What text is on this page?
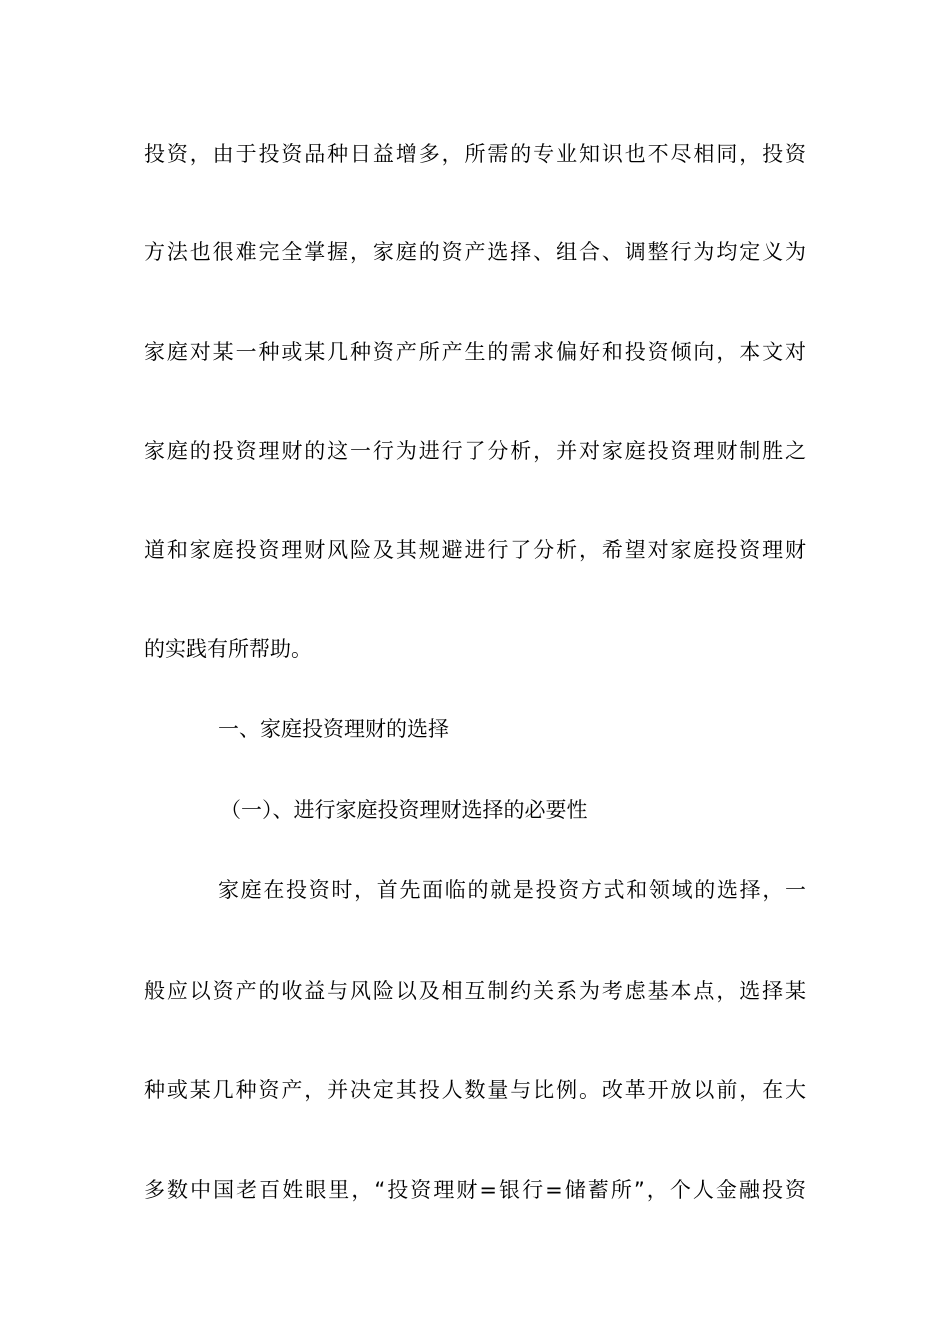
投资，由于投资品种日益增多，所需的专业知识也不尽相同，投资
方法也很难完全掌握，家庭的资产选择、组合、调整行为均定义为
家庭对某一种或某几种资产所产生的需求偏好和投资倾向，本文对
家庭的投资理财的这一行为进行了分析，并对家庭投资理财制胜之
道和家庭投资理财风险及其规避进行了分析，希望对家庭投资理财
的实践有所帮助。
一、家庭投资理财的选择
（一）、进行家庭投资理财选择的必要性
家庭在投资时，首先面临的就是投资方式和领域的选择，一
般应以资产的收益与风险以及相互制约关系为考虑基本点，选择某
种或某几种资产，并决定其投人数量与比例。改革开放以前，在大
多数中国老百姓眼里，“投资理财=银行=储蓄所”，个人金融投资
